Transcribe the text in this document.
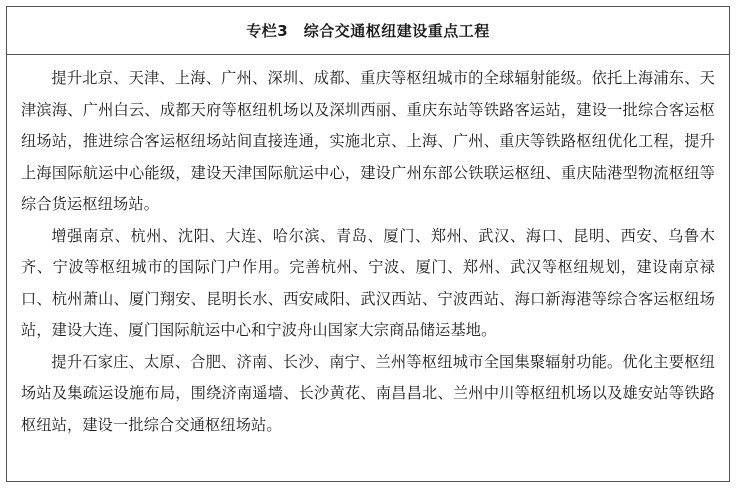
专栏3　综合交通枢纽建设重点工程

提升北京、天津、上海、广州、深圳、成都、重庆等枢纽城市的全球辐射能级。依托上海浦东、天津滨海、广州白云、成都天府等枢纽机场以及深圳西丽、重庆东站等铁路客运站，建设一批综合客运枢纽场站，推进综合客运枢纽场站间直接连通，实施北京、上海、广州、重庆等铁路枢纽优化工程，提升上海国际航运中心能级，建设天津国际航运中心，建设广州东部公铁联运枢纽、重庆陆港型物流枢纽等综合货运枢纽场站。

增强南京、杭州、沈阳、大连、哈尔滨、青岛、厦门、郑州、武汉、海口、昆明、西安、乌鲁木齐、宁波等枢纽城市的国际门户作用。完善杭州、宁波、厦门、郑州、武汉等枢纽规划，建设南京禄口、杭州萧山、厦门翔安、昆明长水、西安咸阳、武汉西站、宁波西站、海口新海港等综合客运枢纽场站，建设大连、厦门国际航运中心和宁波舟山国家大宗商品储运基地。

提升石家庄、太原、合肥、济南、长沙、南宁、兰州等枢纽城市全国集聚辐射功能。优化主要枢纽场站及集疏运设施布局，围绕济南遥墙、长沙黄花、南昌昌北、兰州中川等枢纽机场以及雄安站等铁路枢纽站，建设一批综合交通枢纽场站。
